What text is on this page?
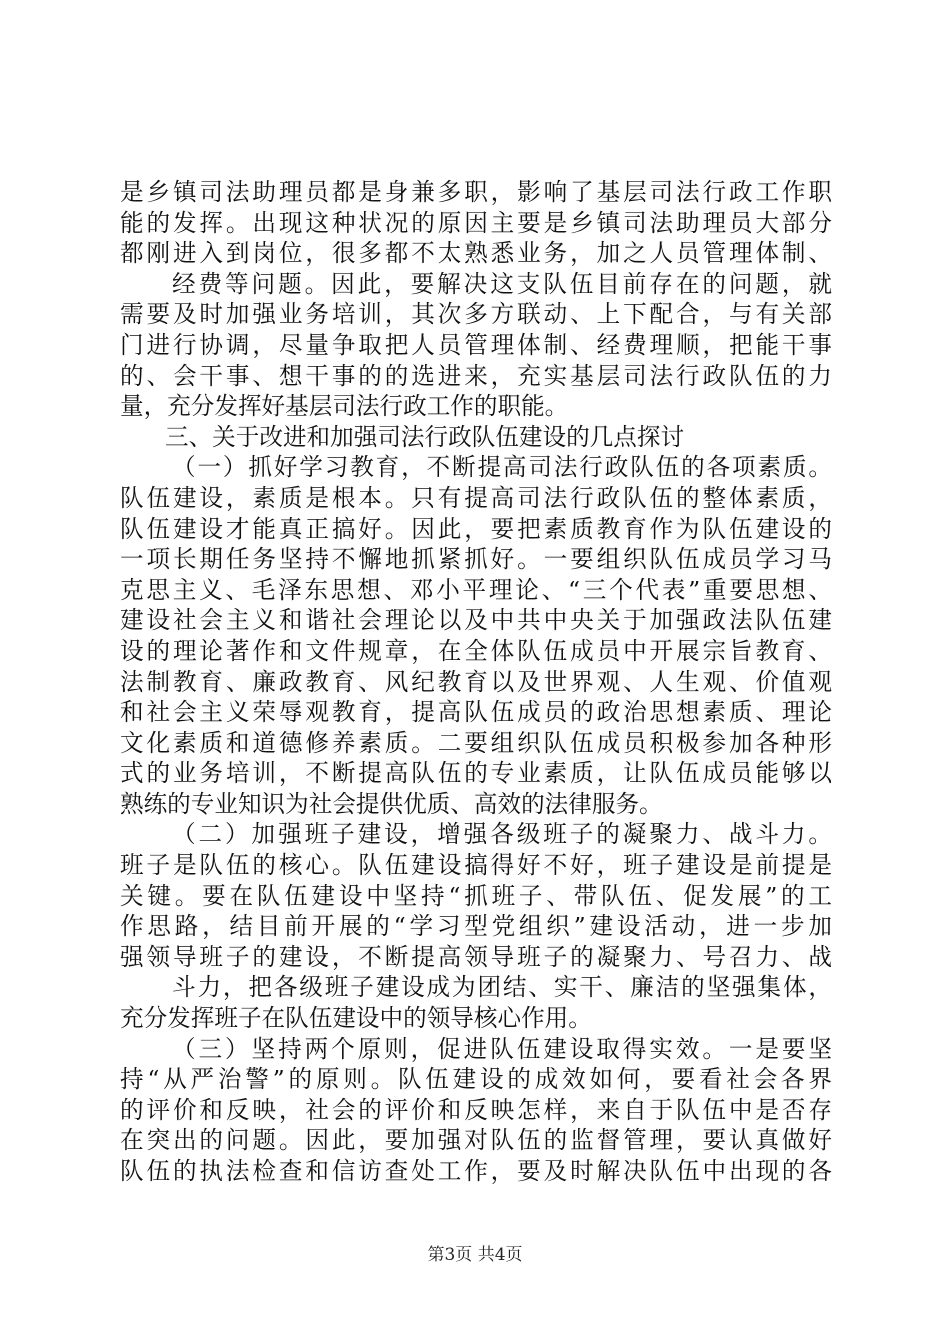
是乡镇司法助理员都是身兼多职，影响了基层司法行政工作职
能的发挥。出现这种状况的原因主要是乡镇司法助理员大部分
都刚进入到岗位，很多都不太熟悉业务，加之人员管理体制、
经费等问题。因此，要解决这支队伍目前存在的问题，就
需要及时加强业务培训，其次多方联动、上下配合，与有关部
门进行协调，尽量争取把人员管理体制、经费理顺，把能干事
的、会干事、想干事的的选进来，充实基层司法行政队伍的力
量，充分发挥好基层司法行政工作的职能。
三、关于改进和加强司法行政队伍建设的几点探讨
（一）抓好学习教育，不断提高司法行政队伍的各项素质。
队伍建设，素质是根本。只有提高司法行政队伍的整体素质，
队伍建设才能真正搞好。因此，要把素质教育作为队伍建设的
一项长期任务坚持不懈地抓紧抓好。一要组织队伍成员学习马
克思主义、毛泽东思想、邓小平理论、“三个代表”重要思想、
建设社会主义和谐社会理论以及中共中央关于加强政法队伍建
设的理论著作和文件规章，在全体队伍成员中开展宗旨教育、
法制教育、廉政教育、风纪教育以及世界观、人生观、价值观
和社会主义荣辱观教育，提高队伍成员的政治思想素质、理论
文化素质和道德修养素质。二要组织队伍成员积极参加各种形
式的业务培训，不断提高队伍的专业素质，让队伍成员能够以
熟练的专业知识为社会提供优质、高效的法律服务。
（二）加强班子建设，增强各级班子的凝聚力、战斗力。
班子是队伍的核心。队伍建设搞得好不好，班子建设是前提是
关键。要在队伍建设中坚持“抓班子、带队伍、促发展”的工
作思路，结目前开展的“学习型党组织”建设活动，进一步加
强领导班子的建设，不断提高领导班子的凝聚力、号召力、战
斗力，把各级班子建设成为团结、实干、廉洁的坚强集体，
充分发挥班子在队伍建设中的领导核心作用。
（三）坚持两个原则，促进队伍建设取得实效。一是要坚
持“从严治警”的原则。队伍建设的成效如何，要看社会各界
的评价和反映，社会的评价和反映怎样，来自于队伍中是否存
在突出的问题。因此，要加强对队伍的监督管理，要认真做好
队伍的执法检查和信访查处工作，要及时解决队伍中出现的各
第3页 共4页
